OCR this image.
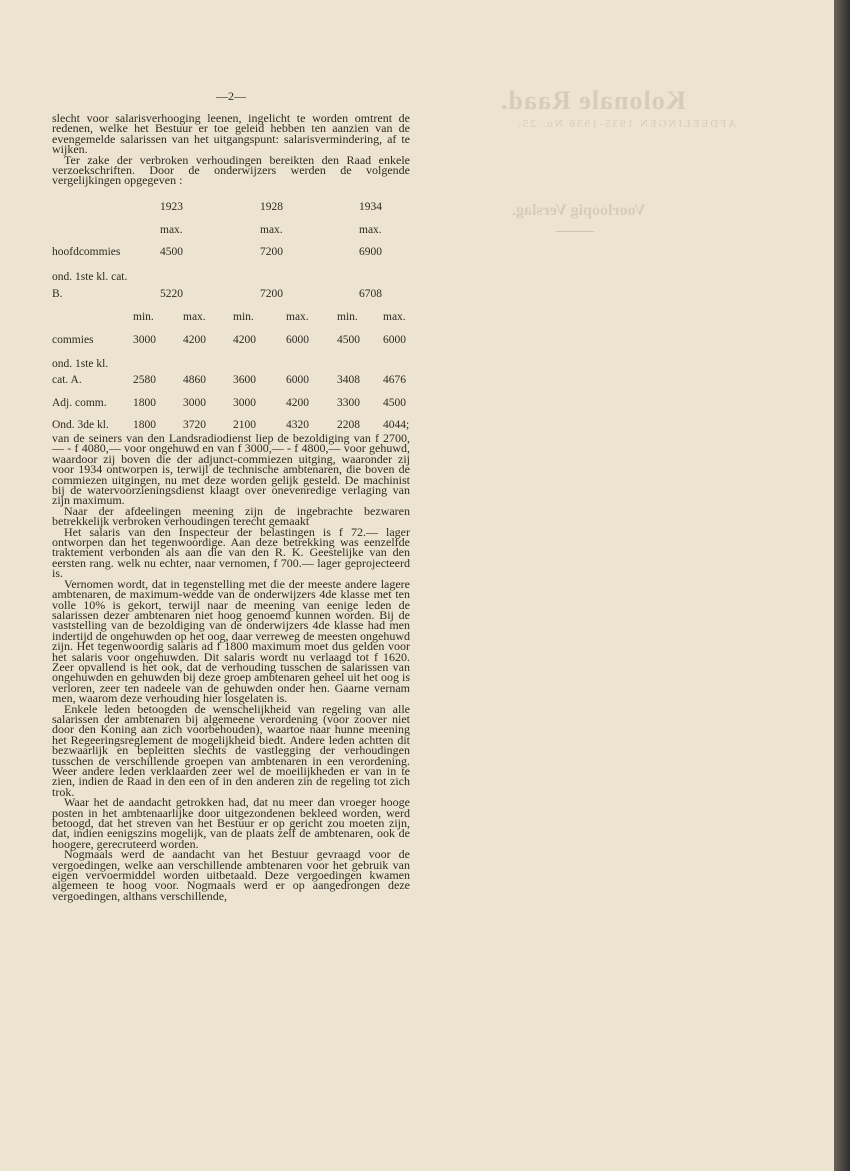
Kolonale Raad.
AFDEELINGEN 1935-1936 No. 25.
Voorloopig Verslag.
—2—

slecht voor salarisverhooging leenen, ingelicht te worden omtrent de redenen, welke het Bestuur er toe geleid hebben ten aanzien van de evengemelde salarissen van het uitgangspunt: salarisvermindering, af te wijken.

Ter zake der verbroken verhoudingen bereikten den Raad enkele verzoekschriften. Door de onderwijzers werden de volgende vergelijkingen opgegeven :

1923	1928	1934
max.	max.	max.
hoofdcommies	4500	7200	6900
ond. 1ste kl. cat.
B.	5220	7200	6708
min.	max. min.	max. min. max.
commies	3000 4200 4200	6000 4500 6000
ond. 1ste kl.
cat. A.	2580 4860 3600	6000 3408 4676
Adj. comm. 1800 3000 3000	4200 3300 4500
Ond. 3de kl. 1800 3720 2100	4320 2208 4044;

van de seiners van den Landsradiodienst liep de bezoldiging van f 2700,— - f 4080,— voor ongehuwd en van f 3000,— - f 4800,— voor gehuwd, waardoor zij boven die der adjunct-commiezen uitging, waaronder zij voor 1934 ontworpen is, terwijl de technische ambtenaren, die boven de commiezen uitgingen, nu met deze worden gelijk gesteld. De machinist bij de watervoorzieningsdienst klaagt over onevenredige verlaging van zijn maximum.

Naar der afdeelingen meening zijn de ingebrachte bezwaren betrekkelijk verbroken verhoudingen terecht gemaakt

Het salaris van den Inspecteur der belastingen is f 72.— lager ontworpen dan het tegenwoordige. Aan deze betrekking was eenzelfde traktement verbonden als aan die van den R. K. Geestelijke van den eersten rang. welk nu echter, naar vernomen, f 700.— lager geprojecteerd is.

Vernomen wordt, dat in tegenstelling met die der meeste andere lagere ambtenaren, de maximum-wedde van de onderwijzers 4de klasse met ten volle 10% is gekort, terwijl naar de meening van eenige leden de salarissen dezer ambtenaren niet hoog genoemd kunnen worden. Bij de vaststelling van de bezoldiging van de onderwijzers 4de klasse had men indertijd de ongehuwden op het oog, daar verreweg de meesten ongehuwd zijn. Het tegenwoordig salaris ad f 1800 maximum moet dus gelden voor het salaris voor ongehuwden. Dit salaris wordt nu verlaagd tot f 1620. Zeer opvallend is het ook, dat de verhouding tusschen de salarissen van ongehuwden en gehuwden bij deze groep ambtenaren geheel uit het oog is verloren, zeer ten nadeele van de gehuwden onder hen. Gaarne vernam men, waarom deze verhouding hier losgelaten is.

Enkele leden betoogden de wenschelijkheid van regeling van alle salarissen der ambtenaren bij algemeene verordening (voor zoover niet door den Koning aan zich voorbehouden), waartoe naar hunne meening het Regeeringsreglement de mogelijkheid biedt. Andere leden achtten dit bezwaarlijk en bepleitten slechts de vastlegging der verhoudingen tusschen de verschillende groepen van ambtenaren in een verordening. Weer andere leden verklaarden zeer wel de moeilijkheden er van in te zien, indien de Raad in den een of in den anderen zin de regeling tot zich trok.

Waar het de aandacht getrokken had, dat nu meer dan vroeger hooge posten in het ambtenaarlijke door uitgezondenen bekleed worden, werd betoogd, dat het streven van het Bestuur er op gericht zou moeten zijn, dat, indien eenigszins mogelijk, van de plaats zelf de ambtenaren, ook de hoogere, gerecruteerd worden.

Nogmaals werd de aandacht van het Bestuur gevraagd voor de vergoedingen, welke aan verschillende ambtenaren voor het gebruik van eigen vervoermiddel worden uitbetaald. Deze vergoedingen kwamen algemeen te hoog voor. Nogmaals werd er op aangedrongen deze vergoedingen, althans verschillende,
